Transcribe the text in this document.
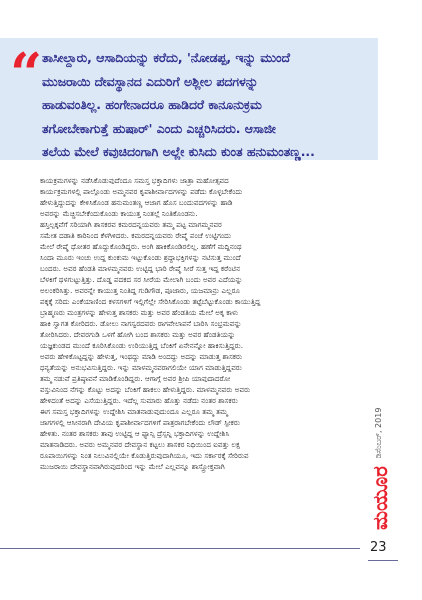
“ ತಾಸೀಲ್ದಾರು, ಆಸಾದಿಯನ್ನು ಕರೆದು, 'ನೋಡಪ್ಪ, ಇನ್ನು ಮುಂದೆ
ಮುಜರಾಯಿ ದೇವಸ್ಥಾನದ ಎದುರಿಗೆ ಅಶ್ಲೀಲ ಪದಗಳನ್ನು
ಹಾಡುವಂತಿಲ್ಲ. ಹಂಗೇನಾದರೂ ಹಾಡಿದರೆ ಕಾನೂನುಕ್ರಮ
ತಗೋಬೇಕಾಗುತ್ತೆ ಹುಷಾರ್' ಎಂದು ಎಚ್ಚರಿಸಿದರು. ಆಸಾಜೀ
ತಲೆಯ ಮೇಲೆ ಕವುಚಿದಂಗಾಗಿ ಅಲ್ಲೇ ಕುಸಿದು ಕುಂತ ಹನುಮಂತಣ್ಣ...

ಕಾಯಕ್ರಮಗಳನ್ನು ನಡೆಸಿಕೊಡುವುದೆಂದೂ ಸಮಸ್ತ ಭಕ್ತಾದಿಗಳು ಜಾತ್ರಾ ಮಹೋತ್ಸವದ
ಕಾರ್ಯಕ್ರಮಗಳಲ್ಲಿ ಪಾಲ್ಗೊಂಡು ಅಮ್ಮನವರ ಕೃಪಾಶೀರ್ವಾದಗಳನ್ನು ಪಡೆದು ಕೊಳ್ಳಬೇಕೆಂದು
ಹೇಳುತ್ತಿದ್ದುದನ್ನು ಕೇಳಿಸಿಕೊಂಡ ಹನುಮಂತಣ್ಣ ಆಜಾಗ ಹೊಸ ಬಂದುವದಗಳನ್ನು ಹಾಡಿ
ಅವರನ್ನು ಮೆಚ್ಚಿಸಬೇಕೆಂದುಕೊಂಡು ಕಾಯುತ್ತ ನಿಂತಲ್ಲೆ ನಿಂತಿಕೊಂಡನು.
ಹಸ್ತಿಲ್ಪಕ್ಕವೆಗೆ ಸರಿಯಾಗಿ ಶಾಸಕರವ ಕಮರದನ್ನಯವರು ತಮ್ಮ ಪಟ್ಟ ಮಾಗಮ್ಮನವರ
ಸಮೇತ ದಡಾತಿ ಕಾರಿನಿಂದ ಕೆಳಗಿಳಿದರು. ಕಮರದನ್ನಯವರು ರೇಷ್ಮೆ ಪಂಚೆ ಉಟ್ಟಿಗಂದು
ಮೇಲೆ ರೇಷ್ಮೆ ಧೋತರ ಹೊದ್ದುಕೊಂಡಿದ್ದರು. ಅಂಗಿ ಹಾಕಿಕೊಂಡಿರಲಿಲ್ಲ. ಹಣೆಗೆ ಮದ್ದಿನಂಥ
ಸಿಂದಾ ಮೂರು ಇಂಚು ಉದ್ದ ಕುಂಕುಮ ಇಟ್ಟುಕೊಂಡು ಶ್ರದ್ಧಾಭಕ್ತಿಗಳನ್ನು ನಟಿಸುತ್ತ ಮುಂದೆ
ಬಂದರು. ಅವರ ಹೆಂಡತಿ ಮಾಳಮ್ಮನವರು ಉಟ್ಟಿದ್ದ ಭಾರಿ ರೇಷ್ಮೆ ಸೀರೆ ಸುತ್ತ ಇದ್ದ ಕರೆಂಟಿನ
ಬೆಳಕಿಗೆ ಥಳಗುಟ್ಟುತ್ತಿತ್ತು. ದೊಡ್ಡ ಪದಕದ ಸರ ಸೀರೆಯ ಮೇಲಾಗಿ ಬಂದು ಅವರ ಎದೆಯನ್ನು
ಅಲಂಕರಿಸಿತ್ತು. ಅವರನ್ನೇ ಕಾಯುತ್ತ ನಿಂತಿದ್ದ ಗುಡಿಗೌಡ, ಪೂಜಾರು, ಯಜಮಾನ್ರು ಎಲ್ಲರೂ
ಪಕ್ಕಕ್ಕೆ ಸರಿದು ಎಂಕೆಯಾಣಿಂದ ಕಳಸಗಳಿಗೆ ಇಲ್ಲಿಗೆಲ್ಲೇ ಸೇರಿಸಿಕೊಂಡು ತಟ್ಟೆಬೆಟ್ಟುಕೊಂಡು ಕಾಯುತ್ತಿದ್ದ
ಬ್ರಾಹ್ಮಣರು ಮಂತ್ರಗಳನ್ನು ಹೇಳುತ್ತ ಶಾಸಕರು ಮತ್ತು ಅವರ ಹೆಂಡತಿಯ ಮೇಲೆ ಅಕ್ಕ ಕಾಳು
ಹಾಕಿ ಸ್ವಾಗತ ಕೋರಿದರು. ಡೋಲು ನಾಗಸ್ವರದವರು ರಾಗವೇಲಾಪನೆ ಬಾರಿಸಿ ಸಂಭ್ರಮವನ್ನು
ತೋರಿಸಿದರು. ದೇವರಗುಡಿ ಒಳಗೆ ಹೋಗಿ ಬಂದ ಶಾಸಕರು ಮತ್ತು ಅವರ ಹೆಂಡತಿಯನ್ನು
ಯಜ್ಞಕುಂಡದ ಮುಂದೆ ಕೂರಿಸಿಕೊಂಡು ಉರಿಯುತ್ತಿದ್ದ ಬೆಂಕಿಗೆ ಏನೇನನ್ನೋ ಹಾಕಿಸುತ್ತಿದ್ದರು.
ಅವರು ಹೇಳಿಕೊಟ್ಟದ್ದನ್ನು ಹೇಳುತ್ತ, ಇಂಥದ್ದು ಮಾಡಿ ಅಂದದ್ದು ಅದನ್ನು ಮಾಡುತ್ತ ಶಾಸಕರು
ಧನ್ಯತೆಯನ್ನು ಅನುಭವಿಸುತ್ತಿದ್ದರು. ಇನ್ನು ಮಾಳಮ್ಮನವರಾಗಲಿಯೇ ಯಾಗ ಮಾಡುತ್ತಿದ್ದವರು
ತಮ್ಮ ನಡುವೆ ಪ್ರತಿಷ್ಠಾವನೆ ಮಾಡಿಕೊಂಡಿದ್ದರು. ಆಗಾಗ್ಗೆ ಅವರ ಶ್ರೀಪಿ ಯಾವುದಾದರೋ
ವಸ್ತುವಿನಿಂದ ನೆಗನ್ನು ಕೊಟ್ಟು ಅದನ್ನು ಬೆಂಕಿಗೆ ಹಾಕಲು ಹೇಳುತ್ತಿದ್ದರು. ಮಾಳಮ್ಮನವರು ಅವರು
ಹೇಳಿದಂತೆ ಅದನ್ನು ಎಸೆಯುತ್ತಿದ್ದರು. ಇದೆಲ್ಲ ಸುಮಾರು ಹೊತ್ತು ನಡೆದು ನಂತರ ಶಾಸಕರು
ಈಗ ಸಮಸ್ತ ಭಕ್ತಾದಿಗಳನ್ನು ಉದ್ದೇಶಿಸಿ ಮಾತನಾಡುವುದುಂದೂ ಎಲ್ಲರೂ ತಮ್ಮ ತಮ್ಮ
ಜಾಗಗಳಲ್ಲಿ ಆಸೀನರಾಗಿ ದೇವಿಯ ಕೃಪಾಶೀರ್ವಾದಗಳಿಗೆ ಪಾತ್ರರಾಗಬೇಕೆಂದು ಲೌಡ್ ಸ್ಪೀಕರು
ಹೇಳಿತು. ನಂತರ ಶಾಸಕರು ತಾವು ಉಟ್ಟಿದ್ದ ಆ ಫ್ಯಾನ್ಸಿ ದ್ರೆಸ್ಸನ್ನಿ ಭಕ್ತಾದಿಗಳನ್ನು ಉದ್ದೇಶಿಸಿ
ಮಾತನಾಡಿದರು. ಅವರು ಅಮ್ಮನವರ ದೇವಸ್ಥಾನ ಕಟ್ಟಲು ಶಾಸಕರ ನಿಧಿಯಿಂದ ಐವತ್ತು ಲಕ್ಷ
ರೂಪಾಯಿಗಳನ್ನು ನಿಂತ ನಿಲುವಿನಲ್ಲಿಯೇ ಕೊಡುತ್ತಿರುವುದಾಗಿಯೂ, ಇದು ಸರ್ಕಾರಕ್ಕೆ ಸೇರಿರುವ
ಮುಜರಾಯಿ ದೇವಸ್ಥಾನವಾಗಿರುವುದರಿಂದ ಇನ್ನು ಮೇಲೆ ಎಲ್ಲವನ್ನೂ ಶಾಸ್ತ್ರೋಕ್ತವಾಗಿ	ಮಯೂರ
ಡಿಸೆಂಬರ್, 2019
23
